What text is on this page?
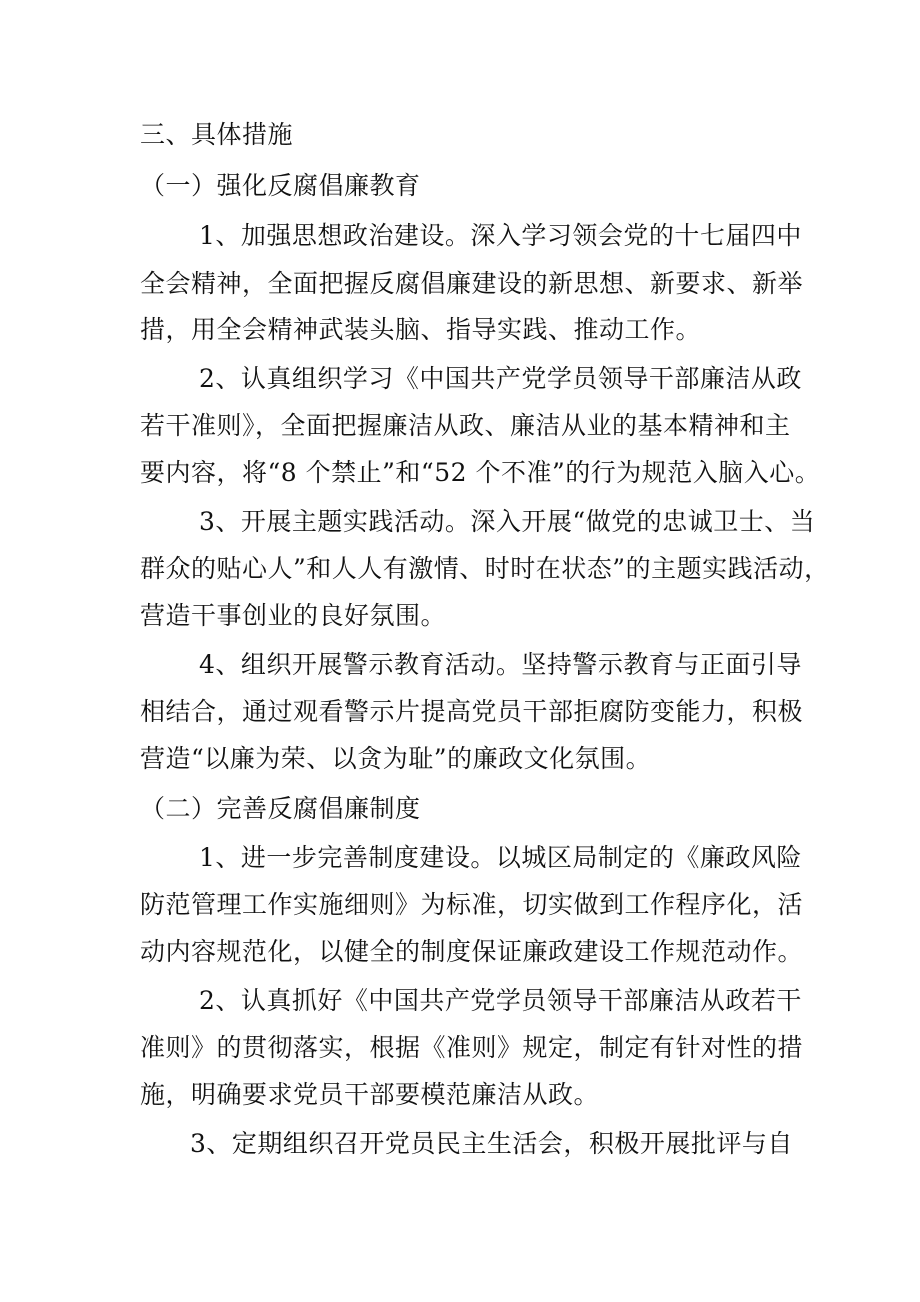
三、具体措施
（一）强化反腐倡廉教育
1、加强思想政治建设。深入学习领会党的十七届四中
全会精神，全面把握反腐倡廉建设的新思想、新要求、新举
措，用全会精神武装头脑、指导实践、推动工作。
2、认真组织学习《中国共产党学员领导干部廉洁从政
若干准则》，全面把握廉洁从政、廉洁从业的基本精神和主
要内容，将“8 个禁止”和“52 个不准”的行为规范入脑入心。
3、开展主题实践活动。深入开展“做党的忠诚卫士、当
群众的贴心人”和人人有激情、时时在状态”的主题实践活动，
营造干事创业的良好氛围。
4、组织开展警示教育活动。坚持警示教育与正面引导
相结合，通过观看警示片提高党员干部拒腐防变能力，积极
营造“以廉为荣、以贪为耻”的廉政文化氛围。
（二）完善反腐倡廉制度
1、进一步完善制度建设。以城区局制定的《廉政风险
防范管理工作实施细则》为标准，切实做到工作程序化，活
动内容规范化，以健全的制度保证廉政建设工作规范动作。
2、认真抓好《中国共产党学员领导干部廉洁从政若干
准则》的贯彻落实，根据《准则》规定，制定有针对性的措
施，明确要求党员干部要模范廉洁从政。
3、定期组织召开党员民主生活会，积极开展批评与自
